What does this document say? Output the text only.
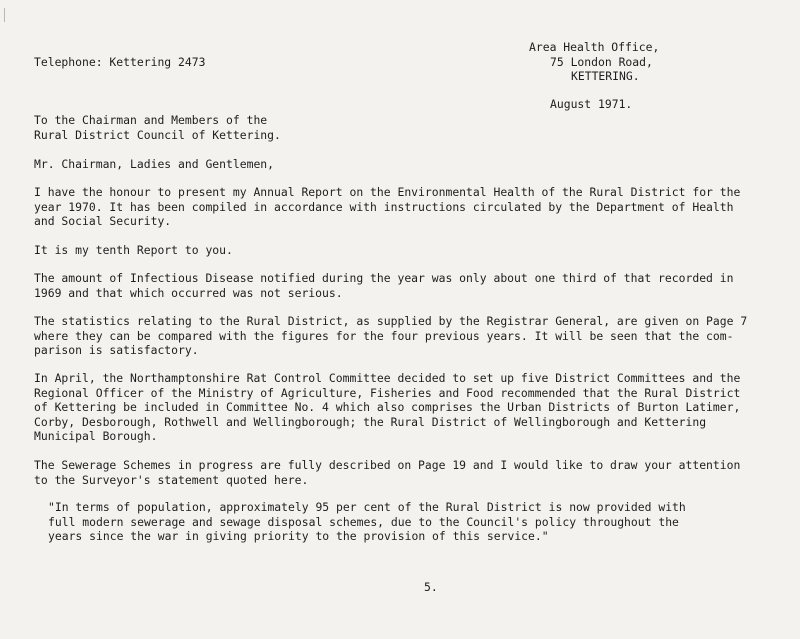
Telephone: Kettering 2473
Area Health Office,
75 London Road,
KETTERING.
August 1971.
To the Chairman and Members of the
Rural District Council of Kettering.
Mr. Chairman, Ladies and Gentlemen,
I have the honour to present my Annual Report on the Environmental Health of the Rural District for the
year 1970. It has been compiled in accordance with instructions circulated by the Department of Health
and Social Security.
It is my tenth Report to you.
The amount of Infectious Disease notified during the year was only about one third of that recorded in
1969 and that which occurred was not serious.
The statistics relating to the Rural District, as supplied by the Registrar General, are given on Page 7
where they can be compared with the figures for the four previous years. It will be seen that the com-
parison is satisfactory.
In April, the Northamptonshire Rat Control Committee decided to set up five District Committees and the
Regional Officer of the Ministry of Agriculture, Fisheries and Food recommended that the Rural District
of Kettering be included in Committee No. 4 which also comprises the Urban Districts of Burton Latimer,
Corby, Desborough, Rothwell and Wellingborough; the Rural District of Wellingborough and Kettering
Municipal Borough.
The Sewerage Schemes in progress are fully described on Page 19 and I would like to draw your attention
to the Surveyor's statement quoted here.
"In terms of population, approximately 95 per cent of the Rural District is now provided with
full modern sewerage and sewage disposal schemes, due to the Council's policy throughout the
years since the war in giving priority to the provision of this service."
5.
